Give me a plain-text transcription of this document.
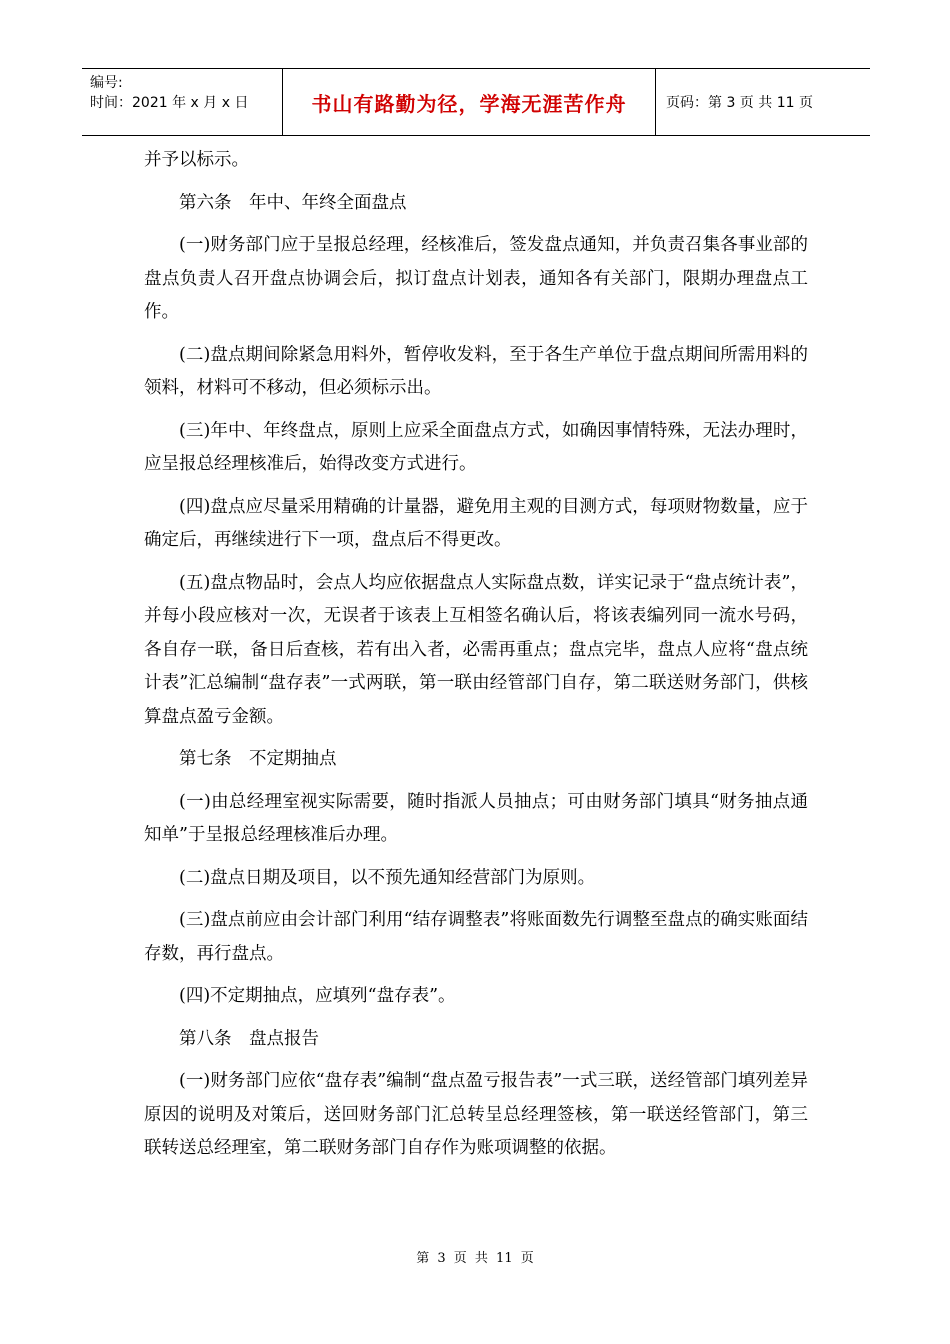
编号:
时间：2021 年 x 月 x 日	书山有路勤为径，学海无涯苦作舟	页码：第 3 页 共 11 页

并予以标示。

第六条　年中、年终全面盘点

(一)财务部门应于呈报总经理，经核准后，签发盘点通知，并负责召集各事业部的盘点负责人召开盘点协调会后，拟订盘点计划表，通知各有关部门，限期办理盘点工作。

(二)盘点期间除紧急用料外，暂停收发料，至于各生产单位于盘点期间所需用料的领料，材料可不移动，但必须标示出。

(三)年中、年终盘点，原则上应采全面盘点方式，如确因事情特殊，无法办理时，应呈报总经理核准后，始得改变方式进行。

(四)盘点应尽量采用精确的计量器，避免用主观的目测方式，每项财物数量，应于确定后，再继续进行下一项，盘点后不得更改。

(五)盘点物品时，会点人均应依据盘点人实际盘点数，详实记录于“盘点统计表”，并每小段应核对一次，无误者于该表上互相签名确认后，将该表编列同一流水号码，各自存一联，备日后查核，若有出入者，必需再重点；盘点完毕，盘点人应将“盘点统计表”汇总编制“盘存表”一式两联，第一联由经管部门自存，第二联送财务部门，供核算盘点盈亏金额。

第七条　不定期抽点

(一)由总经理室视实际需要，随时指派人员抽点；可由财务部门填具“财务抽点通知单”于呈报总经理核准后办理。

(二)盘点日期及项目，以不预先通知经营部门为原则。

(三)盘点前应由会计部门利用“结存调整表”将账面数先行调整至盘点的确实账面结存数，再行盘点。

(四)不定期抽点，应填列“盘存表”。

第八条　盘点报告

(一)财务部门应依“盘存表”编制“盘点盈亏报告表”一式三联，送经管部门填列差异原因的说明及对策后，送回财务部门汇总转呈总经理签核，第一联送经管部门，第三联转送总经理室，第二联财务部门自存作为账项调整的依据。

第 3 页 共 11 页
